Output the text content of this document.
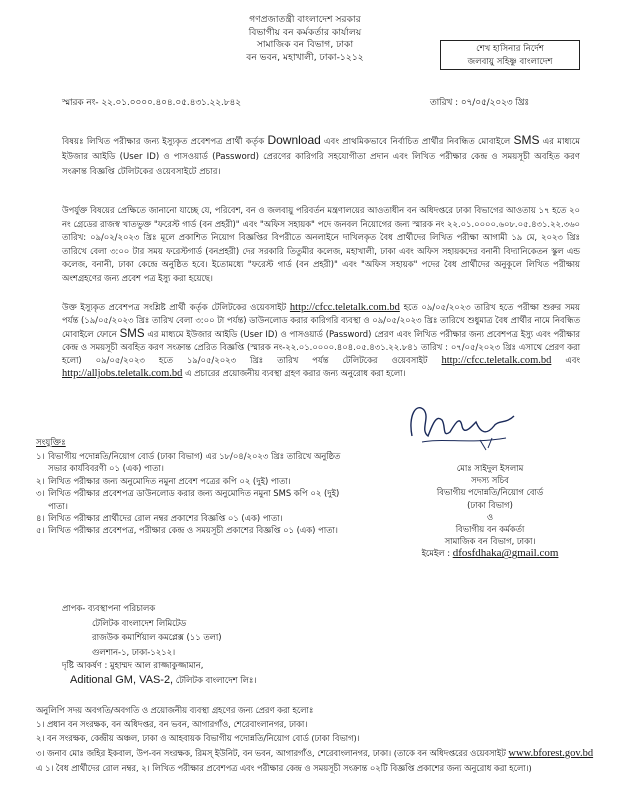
গণপ্রজাতন্ত্রী বাংলাদেশ সরকার
বিভাগীয় বন কর্মকর্তার কার্যালয়
সামাজিক বন বিভাগ, ঢাকা
বন ভবন, মহাখালী, ঢাকা-১২১২
শেখ হাসিনার নির্দেশ
জলবায়ু সহিষ্ণু বাংলাদেশ
স্মারক নং- ২২.০১.০০০০.৪০৪.০৫.৪৩১.২২.৮৪২	তারিখ : ০৭/০৫/২০২৩ খ্রিঃ
বিষয়ঃ লিখিত পরীক্ষার জন্য ইস্যুকৃত প্রবেশপত্র প্রার্থী কর্তৃক Download এবং প্রাথমিকভাবে নির্বাচিত প্রার্থীর নিবন্ধিত মোবাইলে SMS এর মাধ্যমে ইউজার আইডি (User ID) ও পাসওয়ার্ড (Password) প্রেরণের কারিগরি সহযোগীতা প্রদান এবং লিখিত পরীক্ষার কেন্দ্র ও সময়সূচী অবহিত করণ সংক্রান্ত বিজ্ঞপ্তি টেলিটকের ওয়েবসাইটে প্রচার।
উপর্যুক্ত বিষয়ের প্রেক্ষিতে জানানো যাচ্ছে যে, পরিবেশ, বন ও জলবায়ু পরিবর্তন মন্ত্রণালয়ের আওতাধীন বন অধিদপ্তরে ঢাকা বিভাগের আওতায় ১৭ হতে ২০ নং গ্রেডের রাজস্ব খাতভুক্ত "ফরেস্ট গার্ড (বন প্রহরী)" এবং "অফিস সহায়ক" পদে জনবল নিয়োগের জন্য স্মারক নং ২২.০১.০০০০.৬০৮.০৫.৪৩১.২২.৩৬০ তারিখ: ০৯/০২/২০২৩ খ্রিঃ মূলে প্রকাশিত নিয়োগ বিজ্ঞপ্তির বিপরীতে অনলাইনে দাখিলকৃত বৈধ প্রার্থীদের লিখিত পরীক্ষা আগামী ১৯ মে, ২০২৩ খ্রিঃ তারিখে বেলা ৩:০০ টার সময় ফরেস্টগার্ড (বনপ্রহরী) দের সরকারি তিতুমীর কলেজ, মহাখালী, ঢাকা এবং অফিস সহায়কদের বনানী বিদ্যানিকেতন স্কুল এন্ড কলেজ, বনানী, ঢাকা কেন্দ্রে অনুষ্ঠিত হবে। ইতোমধ্যে "ফরেস্ট গার্ড (বন প্রহরী)" এবং "অফিস সহায়ক" পদের বৈধ প্রার্থীদের অনুকূলে লিখিত পরীক্ষায় অংশগ্রহণের জন্য প্রবেশ পত্র ইস্যু করা হয়েছে।
উক্ত ইস্যুকৃত প্রবেশপত্র সংশ্লিষ্ট প্রার্থী কর্তৃক টেলিটকের ওয়েবসাইট http://cfcc.teletalk.com.bd হতে ০৯/০৫/২০২৩ তারিখ হতে পরীক্ষা শুরুর সময় পর্যন্ত (১৯/০৫/২০২৩ খ্রিঃ তারিখ বেলা ৩:০০ টা পর্যন্ত) ডাউনলোড করার কারিগরি ব্যবস্থা ও ০৯/০৫/২০২৩ খ্রিঃ তারিখে শুধুমাত্র বৈধ প্রার্থীর নামে নিবন্ধিত মোবাইলে ফোনে SMS এর মাধ্যমে ইউজার আইডি (User ID) ও পাসওয়ার্ড (Password) প্রেরণ এবং লিখিত পরীক্ষার জন্য প্রবেশপত্র ইস্যু এবং পরীক্ষার কেন্দ্র ও সময়সূচী অবহিত করণ সংক্রান্ত প্রেরিত বিজ্ঞপ্তি (স্মারক নং-২২.০১.০০০০.৪০৪.০৫.৪৩১.২২.৮৪১ তারিখ : ০৭/০৫/২০২৩ খ্রিঃ এসাথে প্রেরণ করা হলো) ০৯/০৫/২০২৩ হতে ১৯/০৫/২০২৩ খ্রিঃ তারিখ পর্যন্ত টেলিটকের ওয়েবসাইট http://cfcc.teletalk.com.bd এবং http://alljobs.teletalk.com.bd এ প্রচারের প্রয়োজনীয় ব্যবস্থা গ্রহণ করার জন্য অনুরোধ করা হলো।
সংযুক্তিঃ
১। বিভাগীয় পদোন্নতি/নিয়োগ বোর্ড (ঢাকা বিভাগ) এর ১৮/০৪/২০২৩ খ্রিঃ তারিখে অনুষ্ঠিত সভার কার্যবিবরণী ০১ (এক) পাতা।
২। লিখিত পরীক্ষার জন্য অনুমোদিত নমুনা প্রবেশ পত্রের কপি ০২ (দুই) পাতা।
৩। লিখিত পরীক্ষার প্রবেশপত্র ডাউনলোড করার জন্য অনুমোদিত নমুনা SMS কপি ০২ (দুই) পাতা।
৪। লিখিত পরীক্ষার প্রার্থীদের রোল নম্বর প্রকাশের বিজ্ঞপ্তি ০১ (এক) পাতা।
৫। লিখিত পরীক্ষার প্রবেশপত্র, পরীক্ষার কেন্দ্র ও সময়সূচী প্রকাশের বিজ্ঞপ্তি ০১ (এক) পাতা।
মোঃ সাইদুল ইসলাম
সদস্য সচিব
বিভাগীয় পদোন্নতি/নিয়োগ বোর্ড
(ঢাকা বিভাগ)
ও
বিভাগীয় বন কর্মকর্তা
সামাজিক বন বিভাগ, ঢাকা।
ইমেইল : dfosfdhaka@gmail.com
প্রাপক- ব্যবস্থাপনা পরিচালক
টেলিটক বাংলাদেশ লিমিটেড
রাজউক কমার্শিয়াল কমপ্লেক্স (১১ তলা)
গুলশান-১, ঢাকা-১২১২।
দৃষ্টি আকর্ষণ : মুহাম্মদ আল রাজ্জাকুজ্জামান,
Aditional GM, VAS-2, টেলিটক বাংলাদেশ লিঃ।
অনুলিপি সদয় অবগতি/অবগতি ও প্রয়োজনীয় ব্যবস্থা গ্রহণের জন্য প্রেরণ করা হলোঃ
১। প্রধান বন সংরক্ষক, বন অধিদপ্তর, বন ভবন, আগারগাঁও, শেরেবাংলানগর, ঢাকা।
২। বন সংরক্ষক, কেন্দ্রীয় অঞ্চল, ঢাকা ও আহবায়ক বিভাগীয় পদোন্নতি/নিয়োগ বোর্ড (ঢাকা বিভাগ)।
৩। জনাব মোঃ জহির ইকবাল, উপ-বন সংরক্ষক, রিমস্ ইউনিট, বন ভবন, আগারগাঁও, শেরেবাংলানগর, ঢাকা। (তাকে বন অধিদপ্তরের ওয়েবসাইট www.bforest.gov.bd এ ১। বৈধ প্রার্থীদের রোল নম্বর, ২। লিখিত পরীক্ষার প্রবেশপত্র এবং পরীক্ষার কেন্দ্র ও সময়সূচী সংক্রান্ত ০২টি বিজ্ঞপ্তি প্রকাশের জন্য অনুরোধ করা হলো।)
